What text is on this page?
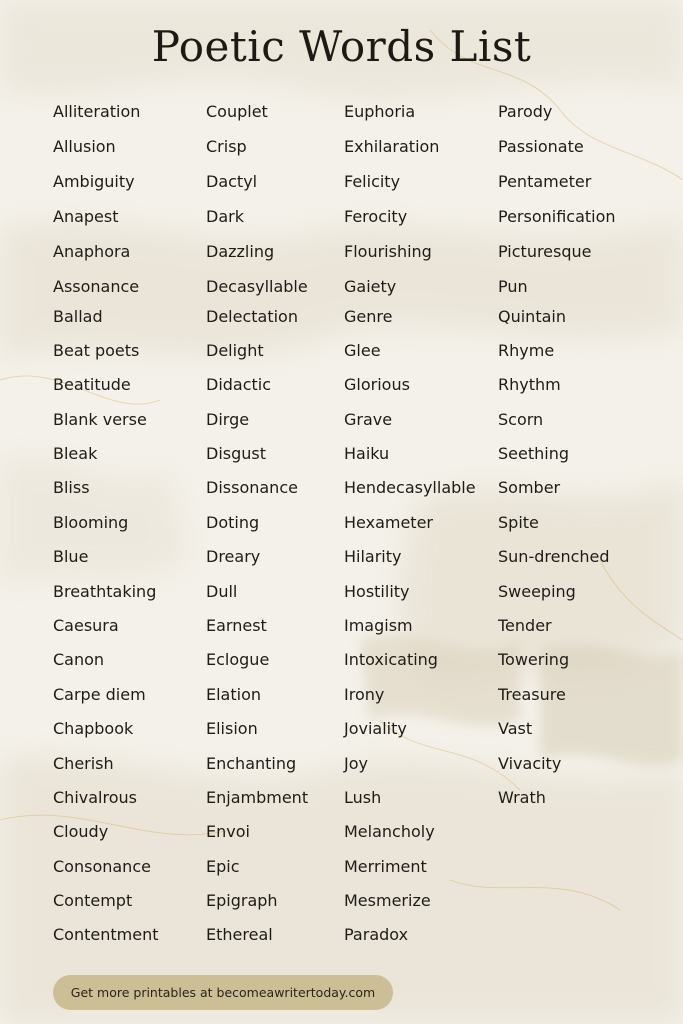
Poetic Words List
Alliteration
Allusion
Ambiguity
Anapest
Anaphora
Assonance
Ballad
Beat poets
Beatitude
Blank verse
Bleak
Bliss
Blooming
Blue
Breathtaking
Caesura
Canon
Carpe diem
Chapbook
Cherish
Chivalrous
Cloudy
Consonance
Contempt
Contentment
Couplet
Crisp
Dactyl
Dark
Dazzling
Decasyllable
Delectation
Delight
Didactic
Dirge
Disgust
Dissonance
Doting
Dreary
Dull
Earnest
Eclogue
Elation
Elision
Enchanting
Enjambment
Envoi
Epic
Epigraph
Ethereal
Euphoria
Exhilaration
Felicity
Ferocity
Flourishing
Gaiety
Genre
Glee
Glorious
Grave
Haiku
Hendecasyllable
Hexameter
Hilarity
Hostility
Imagism
Intoxicating
Irony
Joviality
Joy
Lush
Melancholy
Merriment
Mesmerize
Paradox
Parody
Passionate
Pentameter
Personification
Picturesque
Pun
Quintain
Rhyme
Rhythm
Scorn
Seething
Somber
Spite
Sun-drenched
Sweeping
Tender
Towering
Treasure
Vast
Vivacity
Wrath
Get more printables at becomeawritertoday.com
